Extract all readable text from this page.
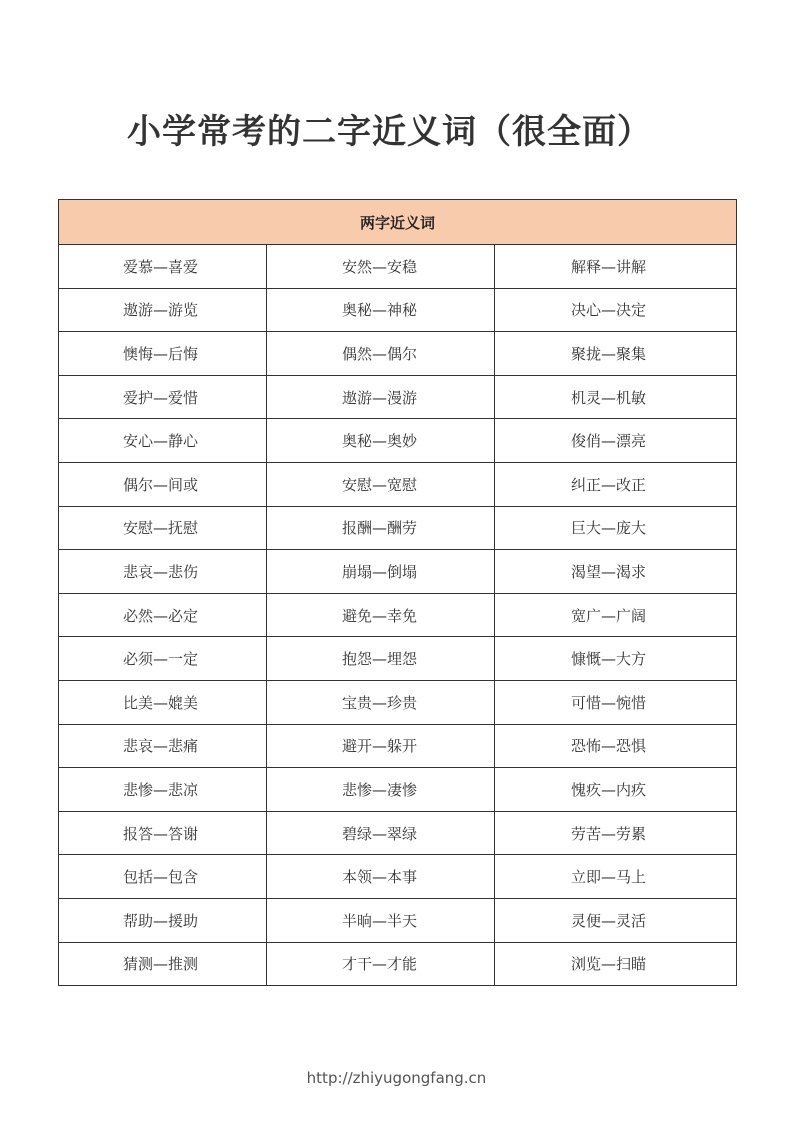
小学常考的二字近义词（很全面）
两字近义词		
爱慕—喜爱	安然—安稳	解释—讲解
遨游—游览	奥秘—神秘	决心—决定
懊悔—后悔	偶然—偶尔	聚拢—聚集
爱护—爱惜	遨游—漫游	机灵—机敏
安心—静心	奥秘—奥妙	俊俏—漂亮
偶尔—间或	安慰—宽慰	纠正—改正
安慰—抚慰	报酬—酬劳	巨大—庞大
悲哀—悲伤	崩塌—倒塌	渴望—渴求
必然—必定	避免—幸免	宽广—广阔
必须—一定	抱怨—埋怨	慷慨—大方
比美—媲美	宝贵—珍贵	可惜—惋惜
悲哀—悲痛	避开—躲开	恐怖—恐惧
悲惨—悲凉	悲惨—凄惨	愧疚—内疚
报答—答谢	碧绿—翠绿	劳苦—劳累
包括—包含	本领—本事	立即—马上
帮助—援助	半晌—半天	灵便—灵活
猜测—推测	才干—才能	浏览—扫瞄
http://zhiyugongfang.cn
